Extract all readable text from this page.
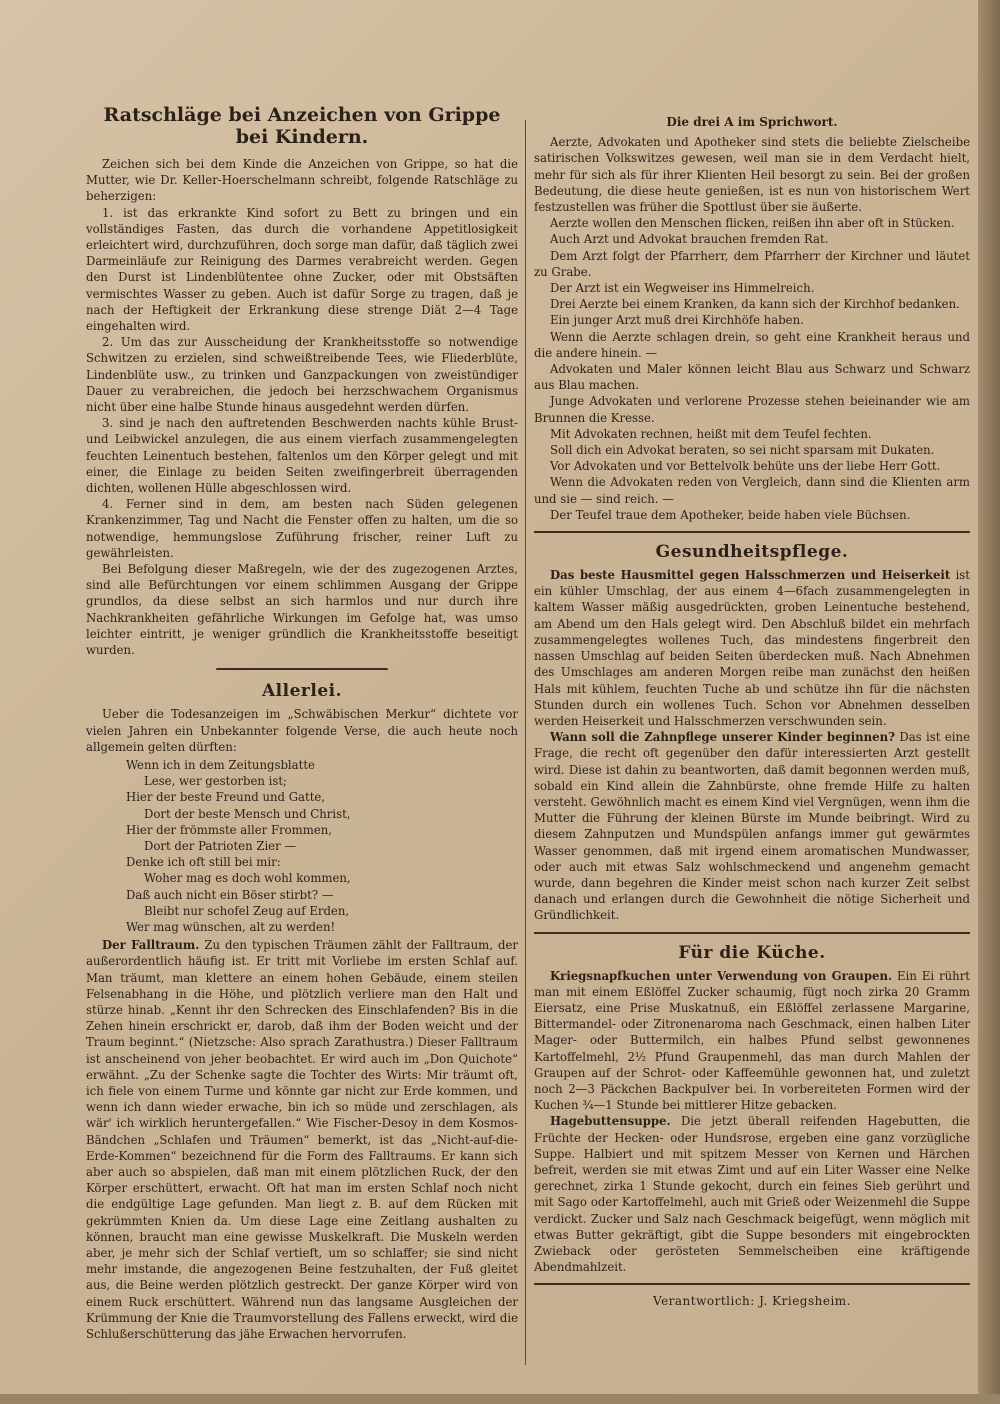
Ratschläge bei Anzeichen von Grippe
bei Kindern.

Zeichen sich bei dem Kinde die Anzeichen von Grippe, so hat die Mutter, wie Dr. Keller-Hoerschelmann schreibt, folgende Ratschläge zu beherzigen:

1. ist das erkrankte Kind sofort zu Bett zu bringen und ein vollständiges Fasten, das durch die vorhandene Appetitlosigkeit erleichtert wird, durchzuführen, doch sorge man dafür, daß täglich zwei Darmeinläufe zur Reinigung des Darmes verabreicht werden. Gegen den Durst ist Lindenblütentee ohne Zucker, oder mit Obstsäften vermischtes Wasser zu geben. Auch ist dafür Sorge zu tragen, daß je nach der Heftigkeit der Erkrankung diese strenge Diät 2—4 Tage eingehalten wird.

2. Um das zur Ausscheidung der Krankheitsstoffe so notwendige Schwitzen zu erzielen, sind schweißtreibende Tees, wie Fliederblüte, Lindenblüte usw., zu trinken und Ganzpackungen von zweistündiger Dauer zu verabreichen, die jedoch bei herzschwachem Organismus nicht über eine halbe Stunde hinaus ausgedehnt werden dürfen.

3. sind je nach den auftretenden Beschwerden nachts kühle Brust- und Leibwickel anzulegen, die aus einem vierfach zusammengelegten feuchten Leinentuch bestehen, faltenlos um den Körper gelegt und mit einer, die Einlage zu beiden Seiten zweifingerbreit überragenden dichten, wollenen Hülle abgeschlossen wird.

4. Ferner sind in dem, am besten nach Süden gelegenen Krankenzimmer, Tag und Nacht die Fenster offen zu halten, um die so notwendige, hemmungslose Zuführung frischer, reiner Luft zu gewährleisten.

Bei Befolgung dieser Maßregeln, wie der des zugezogenen Arztes, sind alle Befürchtungen vor einem schlimmen Ausgang der Grippe grundlos, da diese selbst an sich harmlos und nur durch ihre Nachkrankheiten gefährliche Wirkungen im Gefolge hat, was umso leichter eintritt, je weniger gründlich die Krankheitsstoffe beseitigt wurden.

Allerlei.

Ueber die Todesanzeigen im „Schwäbischen Merkur“ dichtete vor vielen Jahren ein Unbekannter folgende Verse, die auch heute noch allgemein gelten dürften:

Wenn ich in dem Zeitungsblatte
Lese, wer gestorben ist;
Hier der beste Freund und Gatte,
Dort der beste Mensch und Christ,
Hier der frömmste aller Frommen,
Dort der Patrioten Zier —
Denke ich oft still bei mir:
Woher mag es doch wohl kommen,
Daß auch nicht ein Böser stirbt? —
Bleibt nur schofel Zeug auf Erden,
Wer mag wünschen, alt zu werden!

Der Falltraum. Zu den typischen Träumen zählt der Falltraum, der außerordentlich häufig ist. Er tritt mit Vorliebe im ersten Schlaf auf. Man träumt, man klettere an einem hohen Gebäude, einem steilen Felsenabhang in die Höhe, und plötzlich verliere man den Halt und stürze hinab. „Kennt ihr den Schrecken des Einschlafenden? Bis in die Zehen hinein erschrickt er, darob, daß ihm der Boden weicht und der Traum beginnt.“ (Nietzsche: Also sprach Zarathustra.) Dieser Falltraum ist anscheinend von jeher beobachtet. Er wird auch im „Don Quichote“ erwähnt. „Zu der Schenke sagte die Tochter des Wirts: Mir träumt oft, ich fiele von einem Turme und könnte gar nicht zur Erde kommen, und wenn ich dann wieder erwache, bin ich so müde und zerschlagen, als wär' ich wirklich heruntergefallen.“ Wie Fischer-Desoy in dem Kosmos-Bändchen „Schlafen und Träumen“ bemerkt, ist das „Nicht-auf-die-Erde-Kommen“ bezeichnend für die Form des Falltraums. Er kann sich aber auch so abspielen, daß man mit einem plötzlichen Ruck, der den Körper erschüttert, erwacht. Oft hat man im ersten Schlaf noch nicht die endgültige Lage gefunden. Man liegt z. B. auf dem Rücken mit gekrümmten Knien da. Um diese Lage eine Zeitlang aushalten zu können, braucht man eine gewisse Muskelkraft. Die Muskeln werden aber, je mehr sich der Schlaf vertieft, um so schlaffer; sie sind nicht mehr imstande, die angezogenen Beine festzuhalten, der Fuß gleitet aus, die Beine werden plötzlich gestreckt. Der ganze Körper wird von einem Ruck erschüttert. Während nun das langsame Ausgleichen der Krümmung der Knie die Traumvorstellung des Fallens erweckt, wird die Schlußerschütterung das jähe Erwachen hervorrufen.

Die drei A im Sprichwort.

Aerzte, Advokaten und Apotheker sind stets die beliebte Zielscheibe satirischen Volkswitzes gewesen, weil man sie in dem Verdacht hielt, mehr für sich als für ihrer Klienten Heil besorgt zu sein. Bei der großen Bedeutung, die diese heute genießen, ist es nun von historischem Wert festzustellen was früher die Spottlust über sie äußerte.

Aerzte wollen den Menschen flicken, reißen ihn aber oft in Stücken.

Auch Arzt und Advokat brauchen fremden Rat.

Dem Arzt folgt der Pfarrherr, dem Pfarrherr der Kirchner und läutet zu Grabe.

Der Arzt ist ein Wegweiser ins Himmelreich.

Drei Aerzte bei einem Kranken, da kann sich der Kirchhof bedanken.

Ein junger Arzt muß drei Kirchhöfe haben.

Wenn die Aerzte schlagen drein, so geht eine Krankheit heraus und die andere hinein. —

Advokaten und Maler können leicht Blau aus Schwarz und Schwarz aus Blau machen.

Junge Advokaten und verlorene Prozesse stehen beieinander wie am Brunnen die Kresse.

Mit Advokaten rechnen, heißt mit dem Teufel fechten.

Soll dich ein Advokat beraten, so sei nicht sparsam mit Dukaten.

Vor Advokaten und vor Bettelvolk behüte uns der liebe Herr Gott.

Wenn die Advokaten reden von Vergleich, dann sind die Klienten arm und sie — sind reich. —

Der Teufel traue dem Apotheker, beide haben viele Büchsen.

Gesundheitspflege.

Das beste Hausmittel gegen Halsschmerzen und Heiserkeit ist ein kühler Umschlag, der aus einem 4—6fach zusammengelegten in kaltem Wasser mäßig ausgedrückten, groben Leinentuche bestehend, am Abend um den Hals gelegt wird. Den Abschluß bildet ein mehrfach zusammengelegtes wollenes Tuch, das mindestens fingerbreit den nassen Umschlag auf beiden Seiten überdecken muß. Nach Abnehmen des Umschlages am anderen Morgen reibe man zunächst den heißen Hals mit kühlem, feuchten Tuche ab und schütze ihn für die nächsten Stunden durch ein wollenes Tuch. Schon vor Abnehmen desselben werden Heiserkeit und Halsschmerzen verschwunden sein.

Wann soll die Zahnpflege unserer Kinder beginnen? Das ist eine Frage, die recht oft gegenüber den dafür interessierten Arzt gestellt wird. Diese ist dahin zu beantworten, daß damit begonnen werden muß, sobald ein Kind allein die Zahnbürste, ohne fremde Hilfe zu halten versteht. Gewöhnlich macht es einem Kind viel Vergnügen, wenn ihm die Mutter die Führung der kleinen Bürste im Munde beibringt. Wird zu diesem Zahnputzen und Mundspülen anfangs immer gut gewärmtes Wasser genommen, daß mit irgend einem aromatischen Mundwasser, oder auch mit etwas Salz wohlschmeckend und angenehm gemacht wurde, dann begehren die Kinder meist schon nach kurzer Zeit selbst danach und erlangen durch die Gewohnheit die nötige Sicherheit und Gründlichkeit.

Für die Küche.

Kriegsnapfkuchen unter Verwendung von Graupen. Ein Ei rührt man mit einem Eßlöffel Zucker schaumig, fügt noch zirka 20 Gramm Eiersatz, eine Prise Muskatnuß, ein Eßlöffel zerlassene Margarine, Bittermandel- oder Zitronenaroma nach Geschmack, einen halben Liter Mager- oder Buttermilch, ein halbes Pfund selbst gewonnenes Kartoffelmehl, 2½ Pfund Graupenmehl, das man durch Mahlen der Graupen auf der Schrot- oder Kaffeemühle gewonnen hat, und zuletzt noch 2—3 Päckchen Backpulver bei. In vorbereiteten Formen wird der Kuchen ¾—1 Stunde bei mittlerer Hitze gebacken.

Hagebuttensuppe. Die jetzt überall reifenden Hagebutten, die Früchte der Hecken- oder Hundsrose, ergeben eine ganz vorzügliche Suppe. Halbiert und mit spitzem Messer von Kernen und Härchen befreit, werden sie mit etwas Zimt und auf ein Liter Wasser eine Nelke gerechnet, zirka 1 Stunde gekocht, durch ein feines Sieb gerührt und mit Sago oder Kartoffelmehl, auch mit Grieß oder Weizenmehl die Suppe verdickt. Zucker und Salz nach Geschmack beigefügt, wenn möglich mit etwas Butter gekräftigt, gibt die Suppe besonders mit eingebrockten Zwieback oder gerösteten Semmelscheiben eine kräftigende Abendmahlzeit.

Verantwortlich: J. Kriegsheim.
